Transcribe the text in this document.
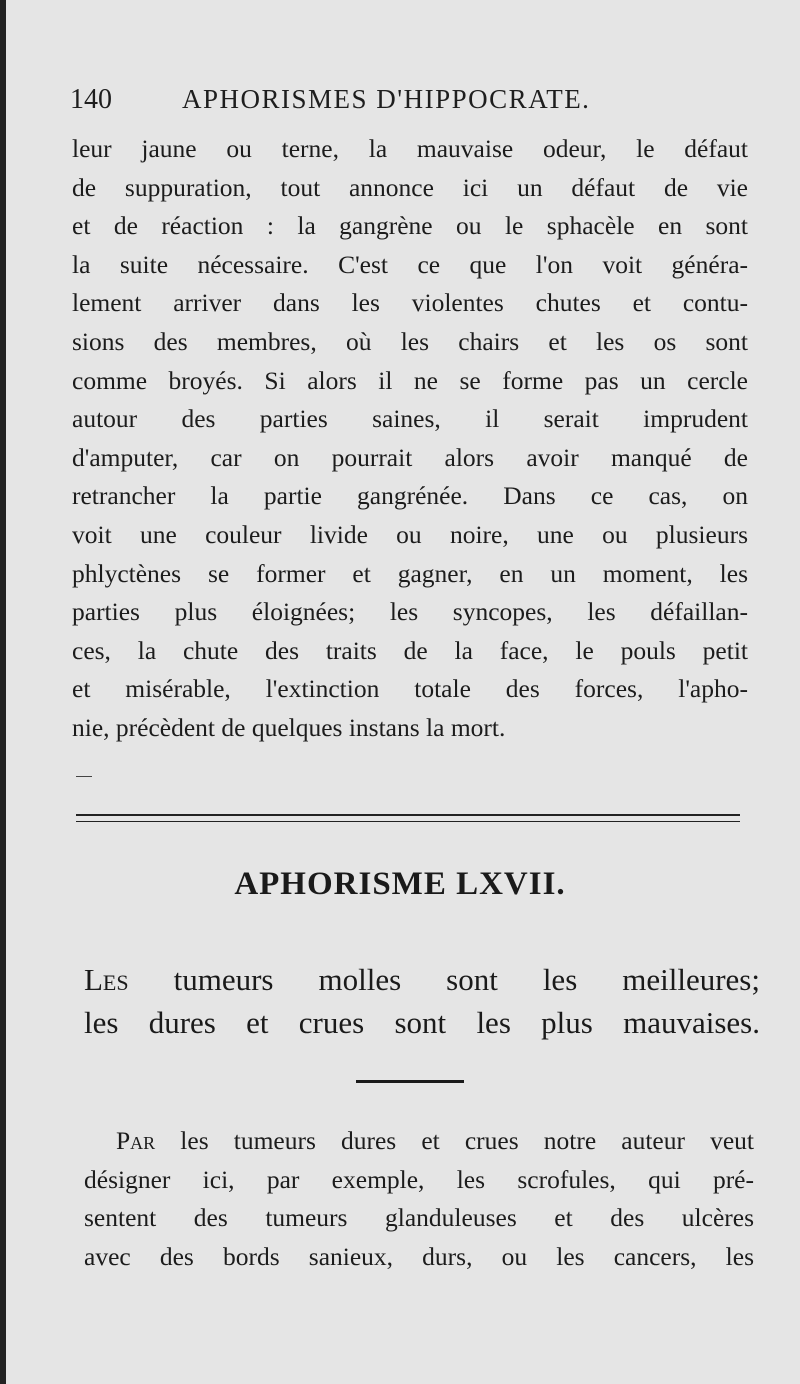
140	APHORISMES D'HIPPOCRATE.
leur jaune ou terne, la mauvaise odeur, le défaut
de suppuration, tout annonce ici un défaut de vie
et de réaction : la gangrène ou le sphacèle en sont
la suite nécessaire. C'est ce que l'on voit généra-
lement arriver dans les violentes chutes et contu-
sions des membres, où les chairs et les os sont
comme broyés. Si alors il ne se forme pas un cercle
autour des parties saines, il serait imprudent
d'amputer, car on pourrait alors avoir manqué de
retrancher la partie gangrénée. Dans ce cas, on
voit une couleur livide ou noire, une ou plusieurs
phlyctènes se former et gagner, en un moment, les
parties plus éloignées; les syncopes, les défaillan-
ces, la chute des traits de la face, le pouls petit
et misérable, l'extinction totale des forces, l'apho-
nie, précèdent de quelques instans la mort.
APHORISME LXVII.
Les tumeurs molles sont les meilleures;
les dures et crues sont les plus mauvaises.
Par les tumeurs dures et crues notre auteur veut
désigner ici, par exemple, les scrofules, qui pré-
sentent des tumeurs glanduleuses et des ulcères
avec des bords sanieux, durs, ou les cancers, les
